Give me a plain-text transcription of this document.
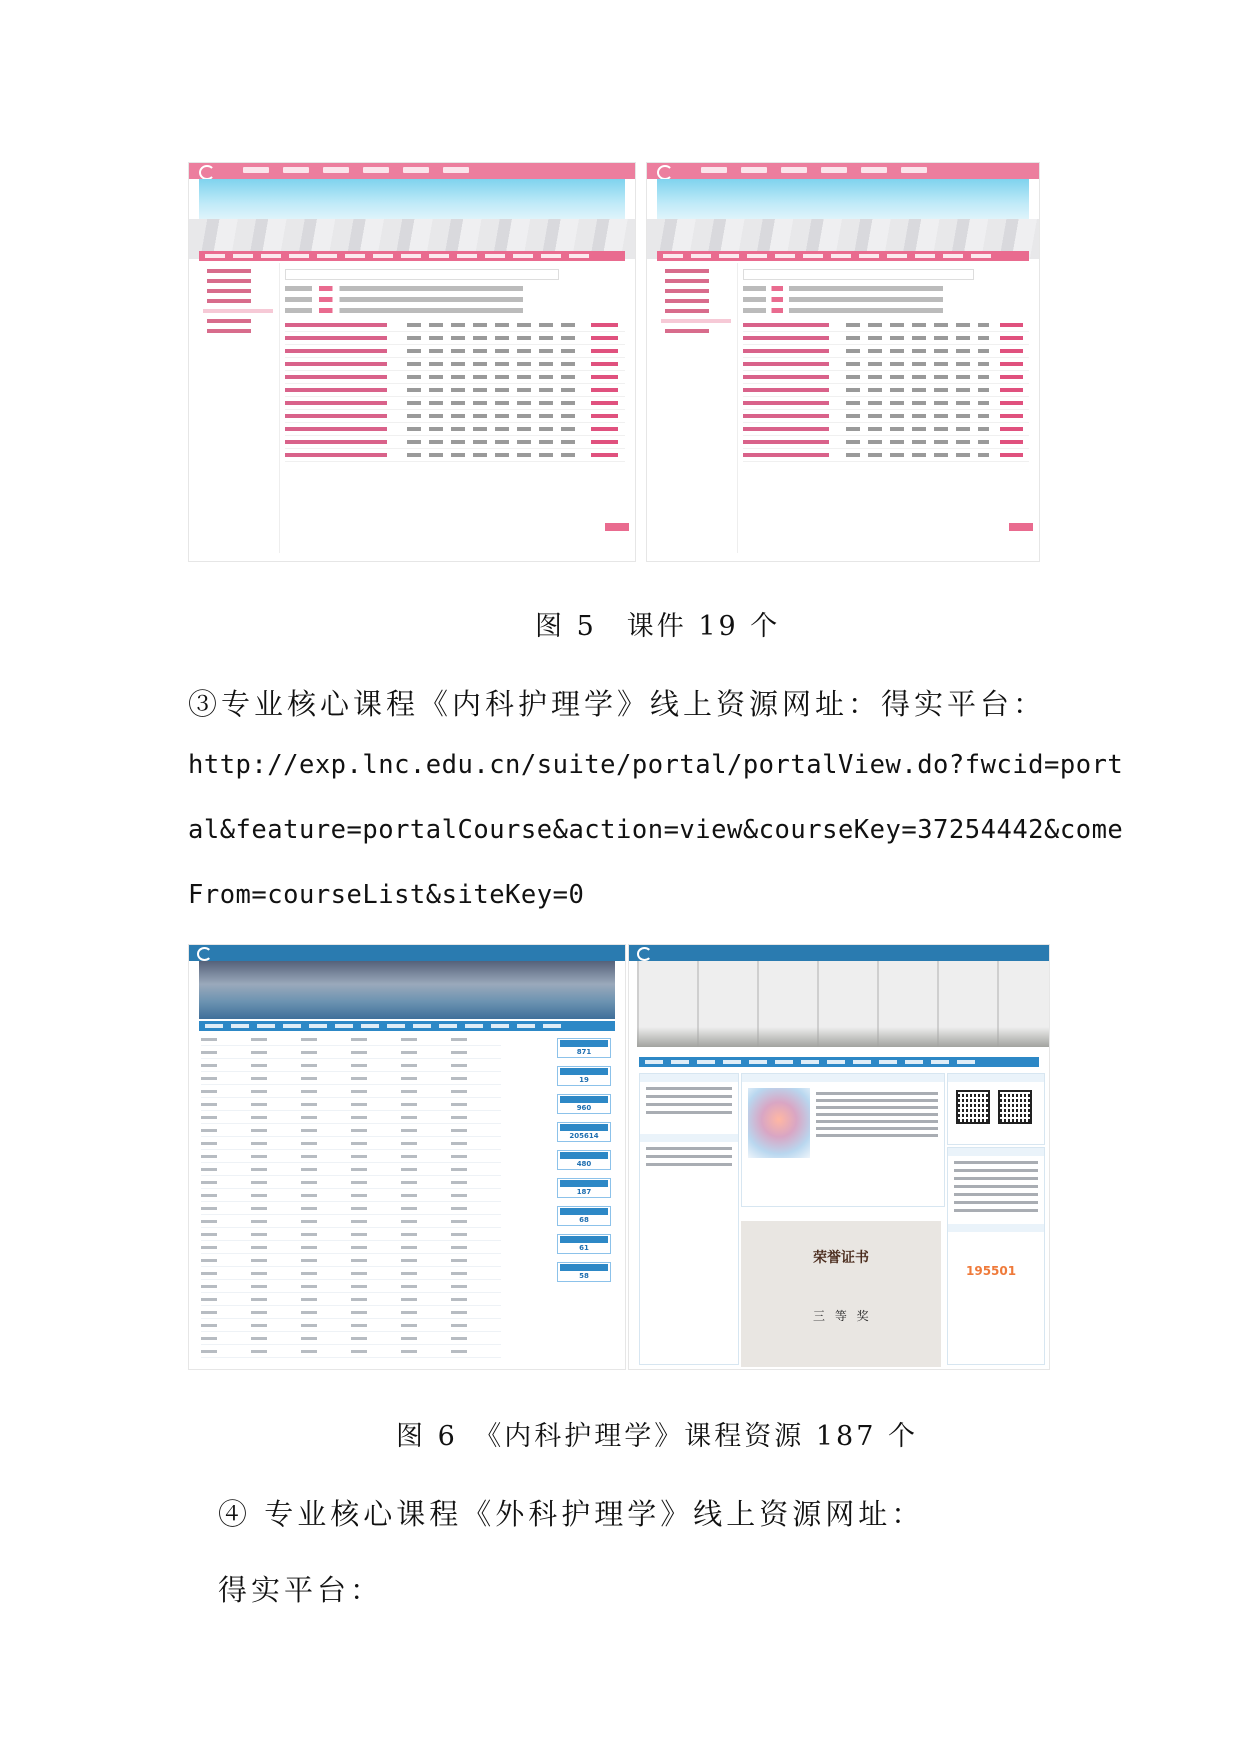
图 5　课件 19 个
③专业核心课程《内科护理学》线上资源网址：得实平台：
http://exp.lnc.edu.cn/suite/portal/portalView.do?fwcid=port
al&feature=portalCourse&action=view&courseKey=37254442&come
From=courseList&siteKey=0
871
19
960
205614
480
187
68
61
58
荣誉证书
三 等 奖
195501
图 6　《内科护理学》课程资源 187 个
④ 专业核心课程《外科护理学》线上资源网址：
得实平台：
